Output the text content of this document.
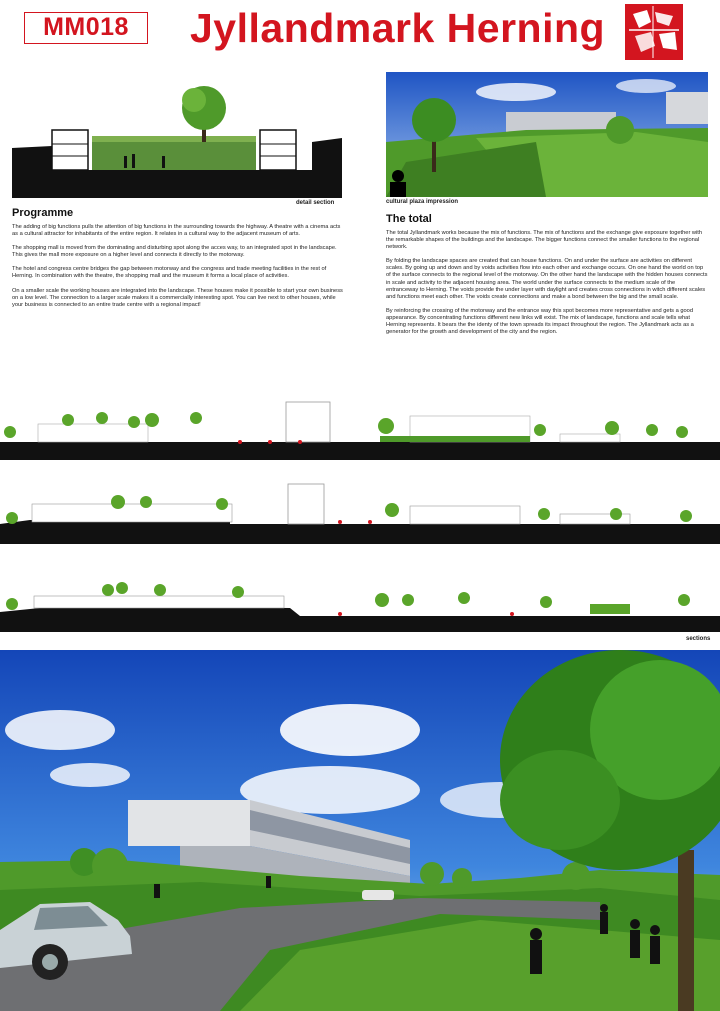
MM018	Jyllandmark Herning
detail section	cultural plaza impression
Programme

The adding of big functions pulls the attention of big functions in the surrounding towards the highway. A theatre with a cinema acts as a cultural attractor for inhabitants of the entire region. It relates in a cultural way to the adjacent museum of arts.

The shopping mall is moved from the dominating and disturbing spot along the acces way, to an integrated spot in the landscape. This gives the mall more exposure on a higher level and connects it directly to the motorway.

The hotel and congress centre bridges the gap between motorway and the congress and trade meeting facilities in the rest of Herning. In combination with the theatre, the shopping mall and the museum it forms a local place of activities.

On a smaller scale the working houses are integrated into the landscape. These houses make it possible to start your own business on a low level. The connection to a larger scale makes it a commercially interesting spot. You can live next to other houses, while your business is connected to an entire trade centre with a regional impact!

The total

The total Jyllandmark works because the mix of functions. The mix of functions and the exchange give exposure together with the remarkable shapes of the buildings and the landscape. The bigger functions connect the smaller functions to the regional network.

By folding the landscape spaces are created that can house functions. On and under the surface are activities on different scales. By going up and down and by voids activities flow into each other and exchange occurs. On one hand the world on top of the surface connects to the regional level of the motorway. On the other hand the landscape with the hidden houses connects in scale and activity to the adjacent housing area. The world under the surface connects to the medium scale of the entranceway to Herning. The voids provide the under layer with daylight and creates cross connections in witch different scales and functions meet each other. The voids create connections and make a bond between the big and the small scale.

By reinforcing the crossing of the motorway and the entrance way this spot becomes more representative and gets a good appearance. By concentrating functions different new links will exist. The mix of landscape, functions and scale tells what Herning represents. It bears the the identy of the town spreads its impact throughout the region. The Jyllandmark acts as a generator for the growth and development of the city and the region.

sections
